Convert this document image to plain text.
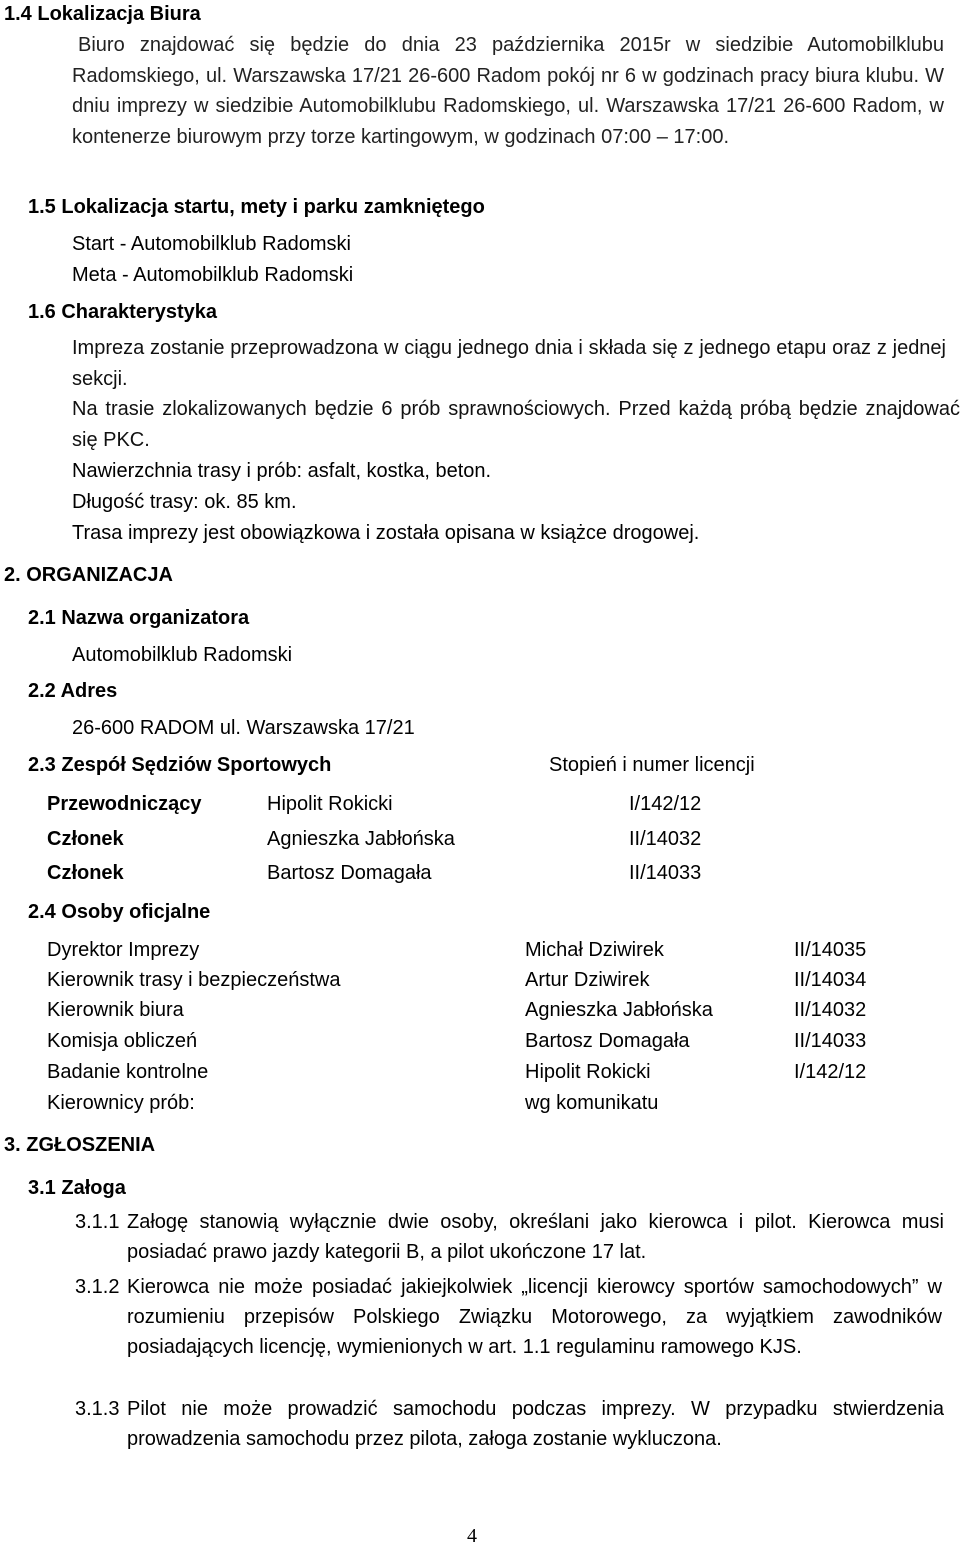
1.4 Lokalizacja Biura
Biuro znajdować się będzie do dnia 23 października 2015r w siedzibie Automobilklubu Radomskiego, ul. Warszawska 17/21 26-600 Radom pokój nr 6 w godzinach pracy biura klubu. W dniu imprezy w siedzibie Automobilklubu Radomskiego, ul. Warszawska 17/21 26-600 Radom, w kontenerze biurowym przy torze kartingowym, w godzinach 07:00 – 17:00.
1.5 Lokalizacja startu, mety i parku zamkniętego
Start - Automobilklub Radomski
Meta - Automobilklub Radomski
1.6 Charakterystyka
Impreza zostanie przeprowadzona w ciągu jednego dnia i składa się z jednego etapu oraz z jednej sekcji.
Na trasie zlokalizowanych będzie 6 prób sprawnościowych. Przed każdą próbą będzie znajdować się PKC.
Nawierzchnia trasy i prób: asfalt, kostka, beton.
Długość trasy: ok. 85 km.
Trasa imprezy jest obowiązkowa i została opisana w książce drogowej.
2. ORGANIZACJA
2.1 Nazwa organizatora
Automobilklub Radomski
2.2 Adres
26-600 RADOM ul. Warszawska 17/21
2.3 Zespół Sędziów Sportowych	Stopień i numer licencji
Przewodniczący	Hipolit Rokicki	I/142/12
Członek	Agnieszka Jabłońska	II/14032
Członek	Bartosz Domagała	II/14033
2.4 Osoby oficjalne
Dyrektor Imprezy	Michał Dziwirek	II/14035
Kierownik trasy i bezpieczeństwa	Artur Dziwirek	II/14034
Kierownik biura	Agnieszka Jabłońska	II/14032
Komisja obliczeń	Bartosz Domagała	II/14033
Badanie kontrolne	Hipolit Rokicki	I/142/12
Kierownicy prób:	wg komunikatu
3. ZGŁOSZENIA
3.1 Załoga
3.1.1 Załogę stanowią wyłącznie dwie osoby, określani jako kierowca i pilot. Kierowca musi posiadać prawo jazdy kategorii B, a pilot ukończone 17 lat.
3.1.2 Kierowca nie może posiadać jakiejkolwiek „licencji kierowcy sportów samochodowych” w rozumieniu przepisów Polskiego Związku Motorowego, za wyjątkiem zawodników posiadających licencję, wymienionych w art. 1.1 regulaminu ramowego KJS.
3.1.3 Pilot nie może prowadzić samochodu podczas imprezy. W przypadku stwierdzenia prowadzenia samochodu przez pilota, załoga zostanie wykluczona.
4
